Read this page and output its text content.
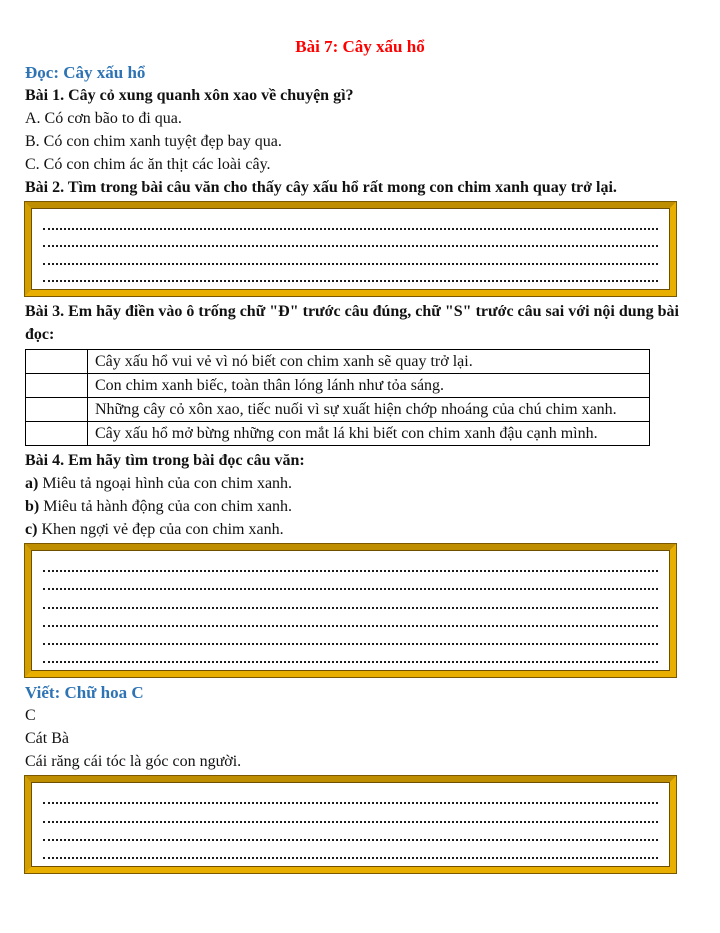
Bài 7: Cây xấu hổ

Đọc: Cây xấu hổ

Bài 1. Cây cỏ xung quanh xôn xao về chuyện gì?

A. Có cơn bão to đi qua.

B. Có con chim xanh tuyệt đẹp bay qua.

C. Có con chim ác ăn thịt các loài cây.

Bài 2. Tìm trong bài câu văn cho thấy cây xấu hổ rất mong con chim xanh quay trở lại.

Bài 3. Em hãy điền vào ô trống chữ "Đ" trước câu đúng, chữ "S" trước câu sai với nội dung bài đọc:

	Cây xấu hổ vui vẻ vì nó biết con chim xanh sẽ quay trở lại.
	Con chim xanh biếc, toàn thân lóng lánh như tỏa sáng.
	Những cây cỏ xôn xao, tiếc nuối vì sự xuất hiện chớp nhoáng của chú chim xanh.
	Cây xấu hổ mở bừng những con mắt lá khi biết con chim xanh đậu cạnh mình.

Bài 4. Em hãy tìm trong bài đọc câu văn:

a) Miêu tả ngoại hình của con chim xanh.

b) Miêu tả hành động của con chim xanh.

c) Khen ngợi vẻ đẹp của con chim xanh.

Viết: Chữ hoa C

C

Cát Bà

Cái răng cái tóc là góc con người.
